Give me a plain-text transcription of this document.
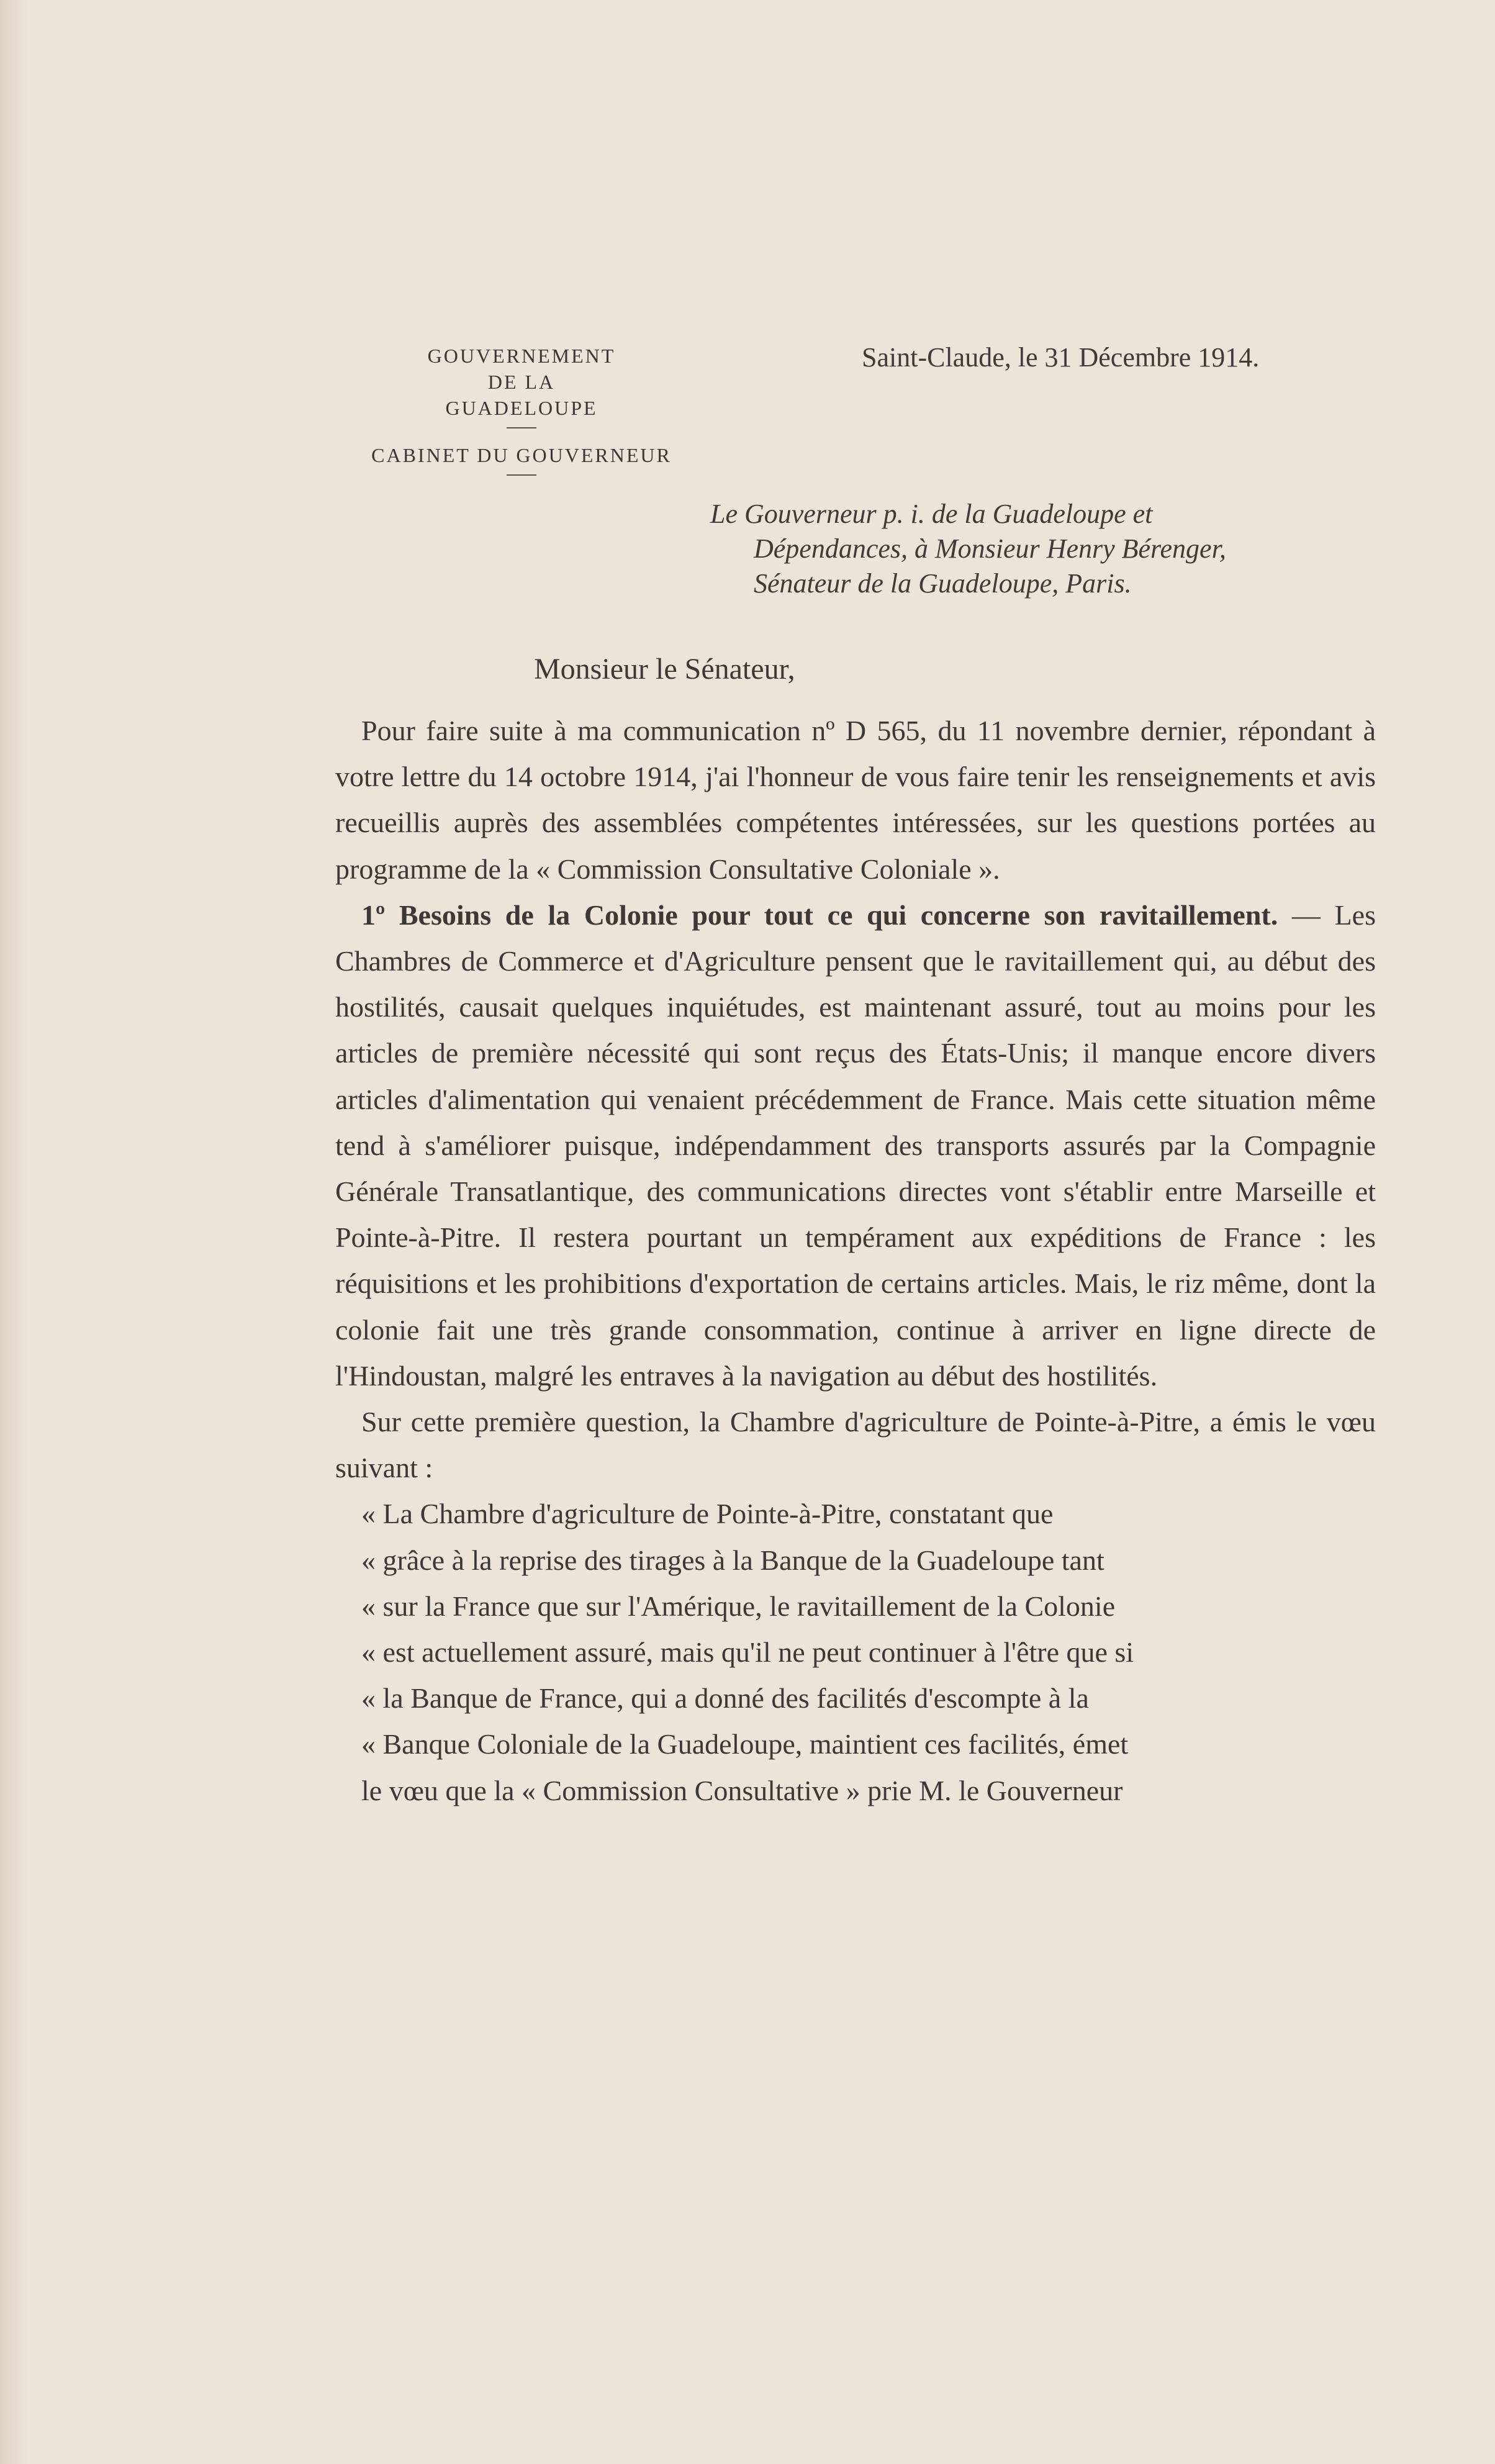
GOUVERNEMENT
DE LA
GUADELOUPE
CABINET DU GOUVERNEUR
Saint-Claude, le 31 Décembre 1914.
Le Gouverneur p. i. de la Guadeloupe et
Dépendances, à Monsieur Henry Bérenger,
Sénateur de la Guadeloupe, Paris.
Monsieur le Sénateur,

Pour faire suite à ma communication nº D 565, du 11 novembre dernier, répondant à votre lettre du 14 octobre 1914, j'ai l'honneur de vous faire tenir les renseignements et avis recueillis auprès des assemblées compétentes intéressées, sur les questions portées au programme de la « Commission Consultative Coloniale ».

1º Besoins de la Colonie pour tout ce qui concerne son ravitaillement. — Les Chambres de Commerce et d'Agriculture pensent que le ravitaillement qui, au début des hostilités, causait quelques inquiétudes, est maintenant assuré, tout au moins pour les articles de première nécessité qui sont reçus des États-Unis; il manque encore divers articles d'alimentation qui venaient précédemment de France. Mais cette situation même tend à s'améliorer puisque, indépendamment des transports assurés par la Compagnie Générale Transatlantique, des communications directes vont s'établir entre Marseille et Pointe-à-Pitre. Il restera pourtant un tempérament aux expéditions de France : les réquisitions et les prohibitions d'exportation de certains articles. Mais, le riz même, dont la colonie fait une très grande consommation, continue à arriver en ligne directe de l'Hindoustan, malgré les entraves à la navigation au début des hostilités.

Sur cette première question, la Chambre d'agriculture de Pointe-à-Pitre, a émis le vœu suivant :

« La Chambre d'agriculture de Pointe-à-Pitre, constatant que

« grâce à la reprise des tirages à la Banque de la Guadeloupe tant

« sur la France que sur l'Amérique, le ravitaillement de la Colonie

« est actuellement assuré, mais qu'il ne peut continuer à l'être que si

« la Banque de France, qui a donné des facilités d'escompte à la

« Banque Coloniale de la Guadeloupe, maintient ces facilités, émet

le vœu que la « Commission Consultative » prie M. le Gouverneur
